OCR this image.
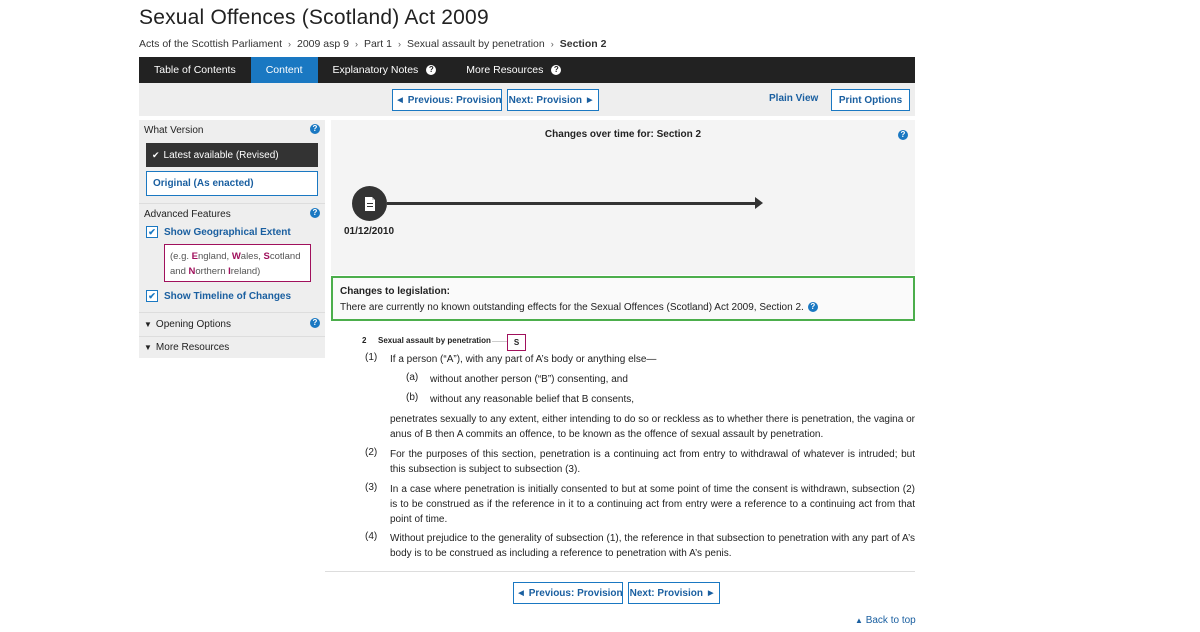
Sexual Offences (Scotland) Act 2009
Acts of the Scottish Parliament › 2009 asp 9 › Part 1 › Sexual assault by penetration › Section 2
Table of Contents	Content	Explanatory Notes	?	More Resources	?
◀ Previous: Provision Next: Provision ▶	Plain View Print Options
What Version	?
✔ Latest available (Revised)
Original (As enacted)
Advanced Features	?
✔ Show Geographical Extent
(e.g. England, Wales, Scotland
and Northern Ireland)
✔ Show Timeline of Changes
▼ Opening Options	?
▼ More Resources
Changes over time for: Section 2	?
01/12/2010
Changes to legislation:
There are currently no known outstanding effects for the Sexual Offences (Scotland) Act 2009, Section 2. ?
2 Sexual assault by penetration	S
(1) If a person (“A”), with any part of A’s body or anything else—
(a) without another person (“B”) consenting, and
(b) without any reasonable belief that B consents,
penetrates sexually to any extent, either intending to do so or reckless as to whether there is penetration, the vagina or anus of B then A commits an offence, to be known as the offence of sexual assault by penetration.
(2) For the purposes of this section, penetration is a continuing act from entry to withdrawal of whatever is intruded; but this subsection is subject to subsection (3).
(3) In a case where penetration is initially consented to but at some point of time the consent is withdrawn, subsection (2) is to be construed as if the reference in it to a continuing act from entry were a reference to a continuing act from that point of time.
(4) Without prejudice to the generality of subsection (1), the reference in that subsection to penetration with any part of A’s body is to be construed as including a reference to penetration with A’s penis.
◀ Previous: Provision Next: Provision ▶
▲ Back to top
